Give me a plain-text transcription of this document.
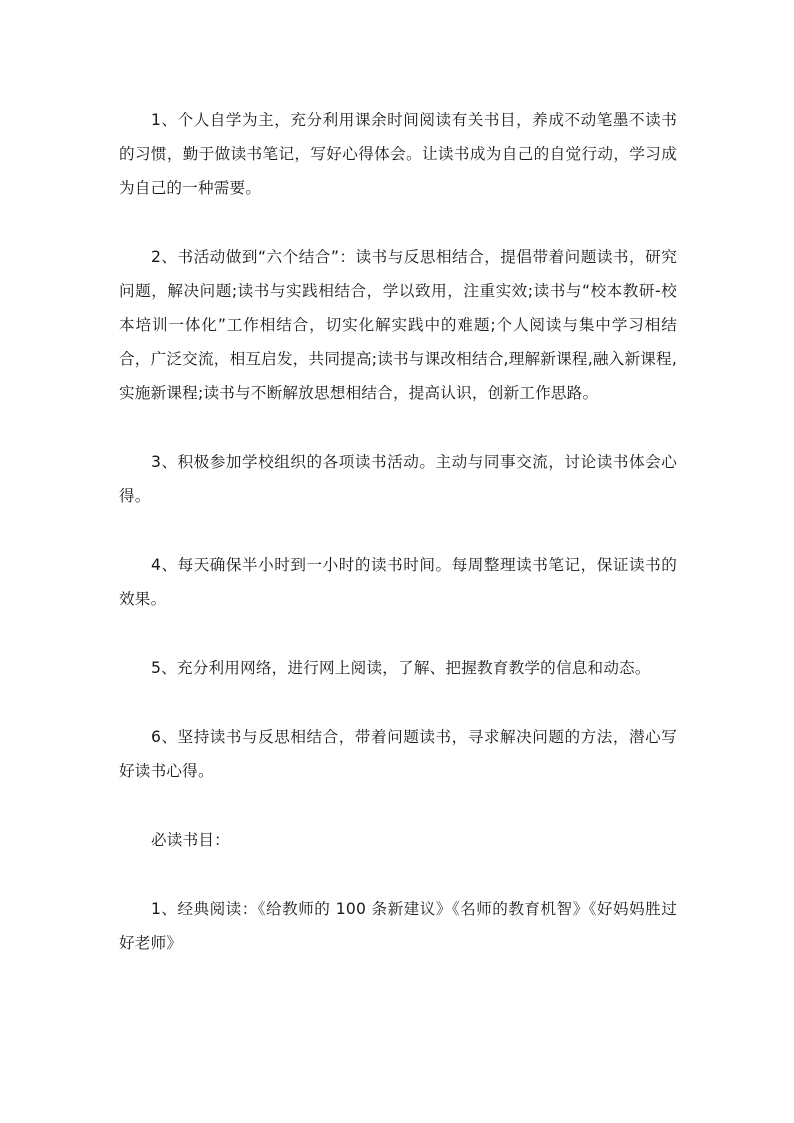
1、个人自学为主，充分利用课余时间阅读有关书目，养成不动笔墨不读书的习惯，勤于做读书笔记，写好心得体会。让读书成为自己的自觉行动，学习成为自己的一种需要。

2、书活动做到“六个结合”：读书与反思相结合，提倡带着问题读书，研究问题，解决问题;读书与实践相结合，学以致用，注重实效;读书与“校本教研-校本培训一体化”工作相结合，切实化解实践中的难题;个人阅读与集中学习相结合，广泛交流，相互启发，共同提高;读书与课改相结合,理解新课程,融入新课程,实施新课程;读书与不断解放思想相结合，提高认识，创新工作思路。

3、积极参加学校组织的各项读书活动。主动与同事交流，讨论读书体会心得。

4、每天确保半小时到一小时的读书时间。每周整理读书笔记，保证读书的效果。

5、充分利用网络，进行网上阅读，了解、把握教育教学的信息和动态。

6、坚持读书与反思相结合，带着问题读书，寻求解决问题的方法，潜心写好读书心得。

必读书目：

1、经典阅读：《给教师的 100 条新建议》《名师的教育机智》《好妈妈胜过好老师》
